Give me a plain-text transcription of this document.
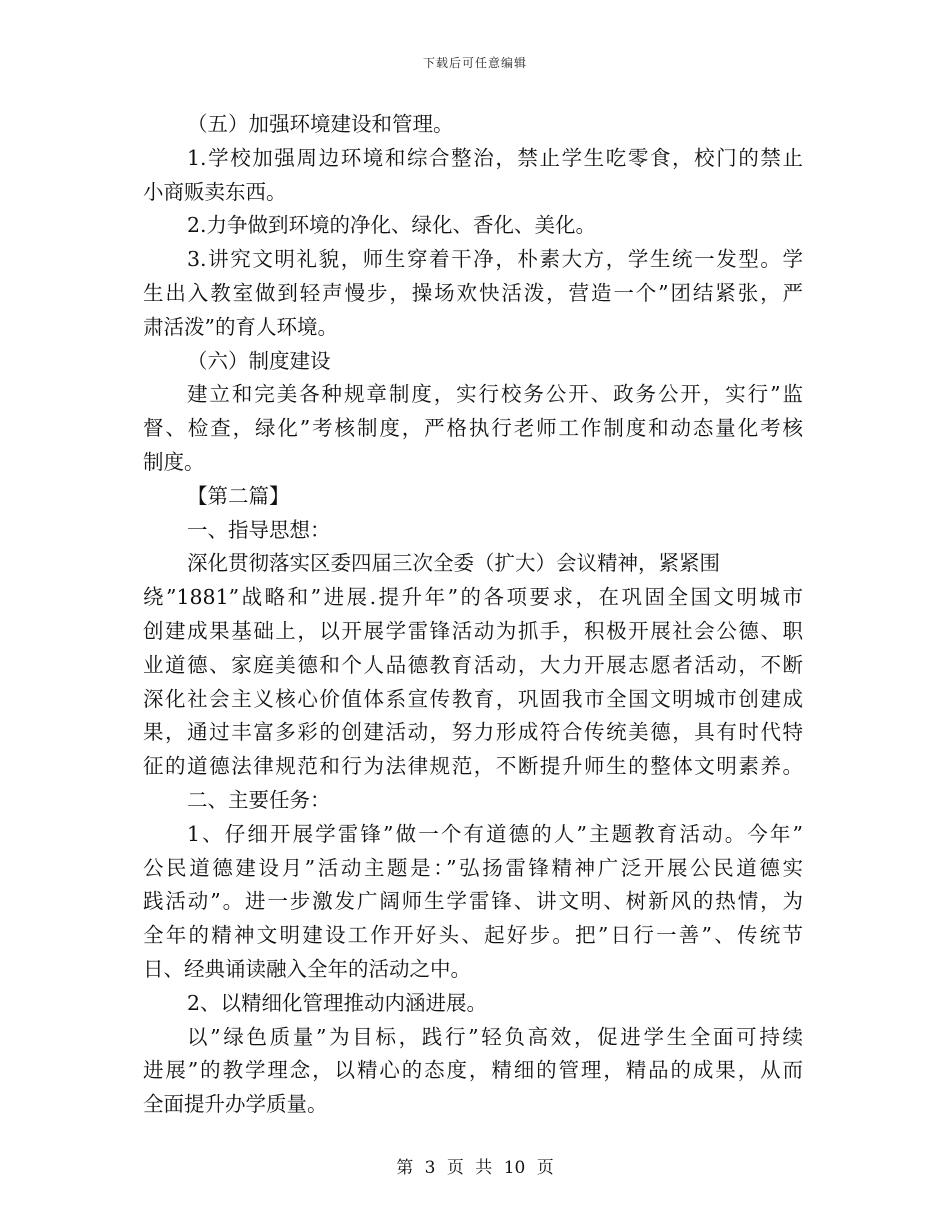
下载后可任意编辑
（五）加强环境建设和管理。
1.学校加强周边环境和综合整治，禁止学生吃零食，校门的禁止
小商贩卖东西。
2.力争做到环境的净化、绿化、香化、美化。
3.讲究文明礼貌，师生穿着干净，朴素大方，学生统一发型。学
生出入教室做到轻声慢步，操场欢快活泼，营造一个”团结紧张，严
肃活泼”的育人环境。
（六）制度建设
建立和完美各种规章制度，实行校务公开、政务公开，实行”监
督、检查，绿化”考核制度，严格执行老师工作制度和动态量化考核
制度。
【第二篇】
一、指导思想：
深化贯彻落实区委四届三次全委（扩大）会议精神，紧紧围
绕”1881”战略和”进展.提升年”的各项要求，在巩固全国文明城市
创建成果基础上，以开展学雷锋活动为抓手，积极开展社会公德、职
业道德、家庭美德和个人品德教育活动，大力开展志愿者活动，不断
深化社会主义核心价值体系宣传教育，巩固我市全国文明城市创建成
果，通过丰富多彩的创建活动，努力形成符合传统美德，具有时代特
征的道德法律规范和行为法律规范，不断提升师生的整体文明素养。
二、主要任务：
1、仔细开展学雷锋”做一个有道德的人”主题教育活动。今年”
公民道德建设月”活动主题是：”弘扬雷锋精神广泛开展公民道德实
践活动”。进一步激发广阔师生学雷锋、讲文明、树新风的热情，为
全年的精神文明建设工作开好头、起好步。把”日行一善”、传统节
日、经典诵读融入全年的活动之中。
2、以精细化管理推动内涵进展。
以”绿色质量”为目标，践行”轻负高效，促进学生全面可持续
进展”的教学理念，以精心的态度，精细的管理，精品的成果，从而
全面提升办学质量。
第 3 页 共 10 页
